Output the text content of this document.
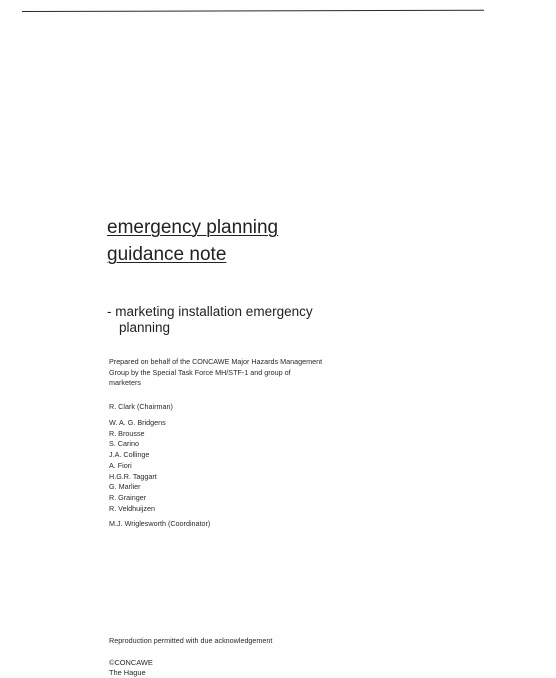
emergency planning
guidance note
- marketing installation emergency
planning
Prepared on behalf of the CONCAWE Major Hazards Management
Group by the Special Task Force MH/STF-1 and group of
marketers
R. Clark (Chairman)
W. A. G. Bridgens
R. Brousse
S. Carino
J.A. Collinge
A. Fiori
H.G.R. Taggart
G. Marlier
R. Grainger
R. Veldhuijzen
M.J. Wriglesworth (Coordinator)
Reproduction permitted with due acknowledgement
©CONCAWE
The Hague
